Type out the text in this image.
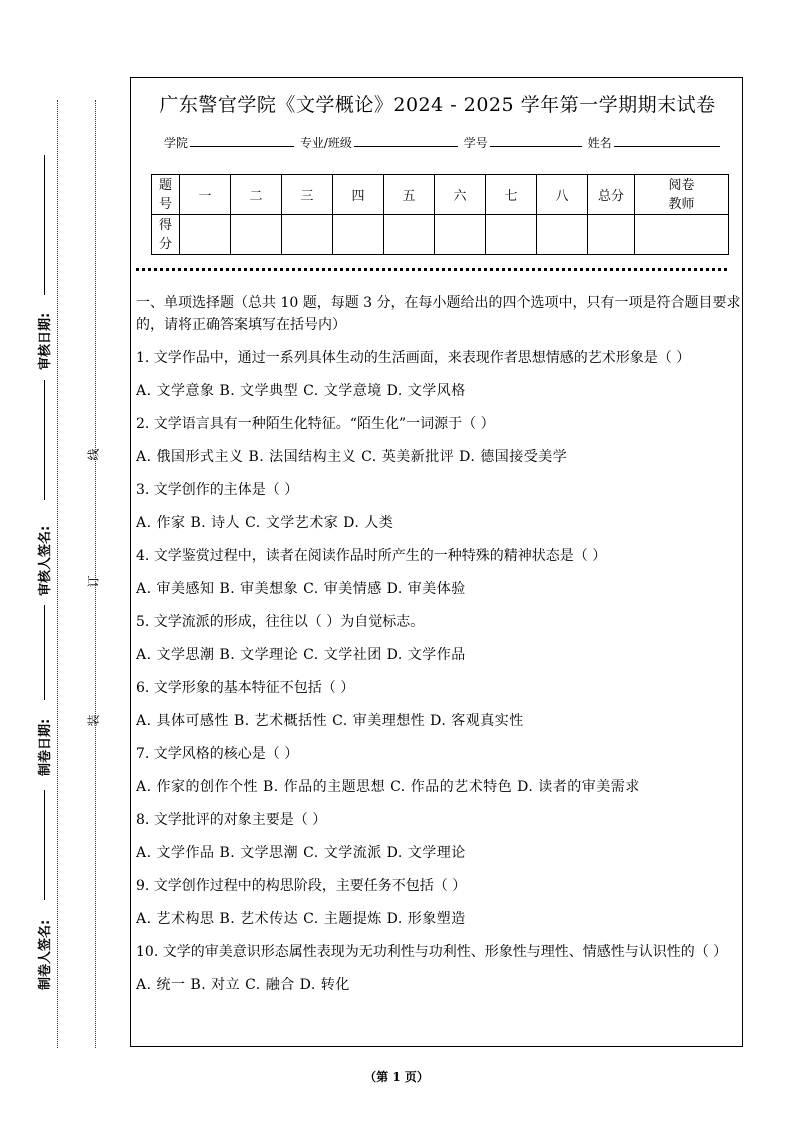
线
订
装
审核日期:
审核人签名:
制卷日期:
制卷人签名:
广东警官学院《文学概论》2024 - 2025 学年第一学期期末试卷
学院	专业/班级	学号	姓名
题
号	一	二	三	四	五	六	七	八	总分	阅卷
教师
得
分										

一、单项选择题（总共 10 题，每题 3 分，在每小题给出的四个选项中，只有一项是符合题目要求的，请将正确答案填写在括号内）

1. 文学作品中，通过一系列具体生动的生活画面，来表现作者思想情感的艺术形象是（ ）

A. 文学意象 B. 文学典型 C. 文学意境 D. 文学风格

2. 文学语言具有一种陌生化特征。“陌生化”一词源于（ ）

A. 俄国形式主义 B. 法国结构主义 C. 英美新批评 D. 德国接受美学

3. 文学创作的主体是（ ）

A. 作家 B. 诗人 C. 文学艺术家 D. 人类

4. 文学鉴赏过程中，读者在阅读作品时所产生的一种特殊的精神状态是（ ）

A. 审美感知 B. 审美想象 C. 审美情感 D. 审美体验

5. 文学流派的形成，往往以（ ）为自觉标志。

A. 文学思潮 B. 文学理论 C. 文学社团 D. 文学作品

6. 文学形象的基本特征不包括（ ）

A. 具体可感性 B. 艺术概括性 C. 审美理想性 D. 客观真实性

7. 文学风格的核心是（ ）

A. 作家的创作个性 B. 作品的主题思想 C. 作品的艺术特色 D. 读者的审美需求

8. 文学批评的对象主要是（ ）

A. 文学作品 B. 文学思潮 C. 文学流派 D. 文学理论

9. 文学创作过程中的构思阶段，主要任务不包括（ ）

A. 艺术构思 B. 艺术传达 C. 主题提炼 D. 形象塑造

10. 文学的审美意识形态属性表现为无功利性与功利性、形象性与理性、情感性与认识性的（ ）

A. 统一 B. 对立 C. 融合 D. 转化

（第 1 页）
